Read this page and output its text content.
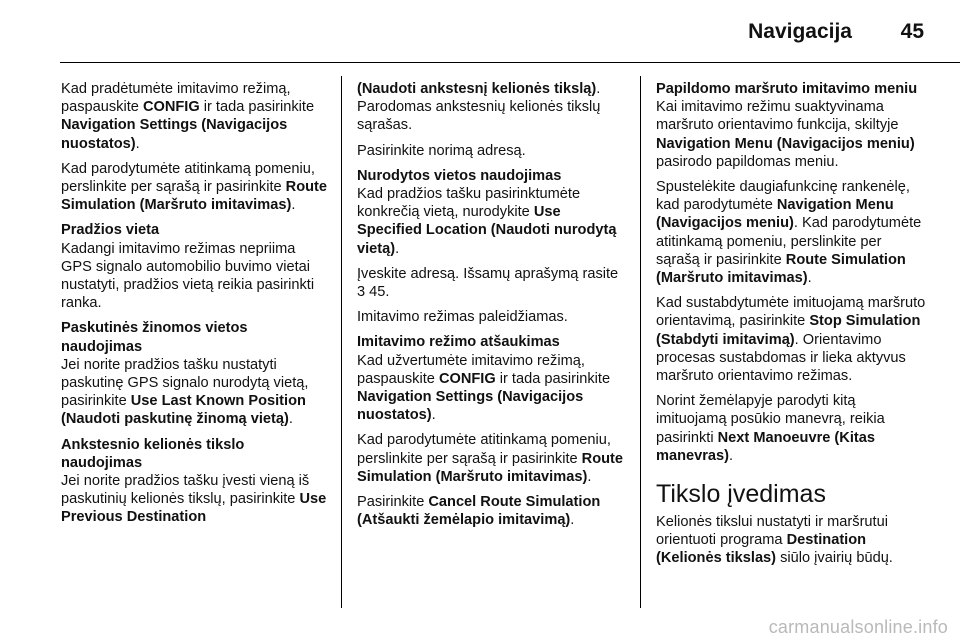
Navigacija 45

Kad pradėtumėte imitavimo režimą, paspauskite CONFIG ir tada pasirinkite Navigation Settings (Navigacijos nuostatos).

Kad parodytumėte atitinkamą pomeniu, perslinkite per sąrašą ir pasirinkite Route Simulation (Maršruto imitavimas).

Pradžios vieta

Kadangi imitavimo režimas nepriima GPS signalo automobilio buvimo vietai nustatyti, pradžios vietą reikia pasirinkti ranka.

Paskutinės žinomos vietos naudojimas

Jei norite pradžios tašku nustatyti paskutinę GPS signalo nurodytą vietą, pasirinkite Use Last Known Position (Naudoti paskutinę žinomą vietą).

Ankstesnio kelionės tikslo naudojimas

Jei norite pradžios tašku įvesti vieną iš paskutinių kelionės tikslų, pasirinkite Use Previous Destination

(Naudoti ankstesnį kelionės tikslą). Parodomas ankstesnių kelionės tikslų sąrašas.

Pasirinkite norimą adresą.

Nurodytos vietos naudojimas

Kad pradžios tašku pasirinktumėte konkrečią vietą, nurodykite Use Specified Location (Naudoti nurodytą vietą).

Įveskite adresą. Išsamų aprašymą rasite 3 45.

Imitavimo režimas paleidžiamas.

Imitavimo režimo atšaukimas

Kad užvertumėte imitavimo režimą, paspauskite CONFIG ir tada pasirinkite Navigation Settings (Navigacijos nuostatos).

Kad parodytumėte atitinkamą pomeniu, perslinkite per sąrašą ir pasirinkite Route Simulation (Maršruto imitavimas).

Pasirinkite Cancel Route Simulation (Atšaukti žemėlapio imitavimą).

Papildomo maršruto imitavimo meniu

Kai imitavimo režimu suaktyvinama maršruto orientavimo funkcija, skiltyje Navigation Menu (Navigacijos meniu) pasirodo papildomas meniu.

Spustelėkite daugiafunkcinę rankenėlę, kad parodytumėte Navigation Menu (Navigacijos meniu). Kad parodytumėte atitinkamą pomeniu, perslinkite per sąrašą ir pasirinkite Route Simulation (Maršruto imitavimas).

Kad sustabdytumėte imituojamą maršruto orientavimą, pasirinkite Stop Simulation (Stabdyti imitavimą). Orientavimo procesas sustabdomas ir lieka aktyvus maršruto orientavimo režimas.

Norint žemėlapyje parodyti kitą imituojamą posūkio manevrą, reikia pasirinkti Next Manoeuvre (Kitas manevras).

Tikslo įvedimas

Kelionės tikslui nustatyti ir maršrutui orientuoti programa Destination (Kelionės tikslas) siūlo įvairių būdų.

carmanualsonline.info
